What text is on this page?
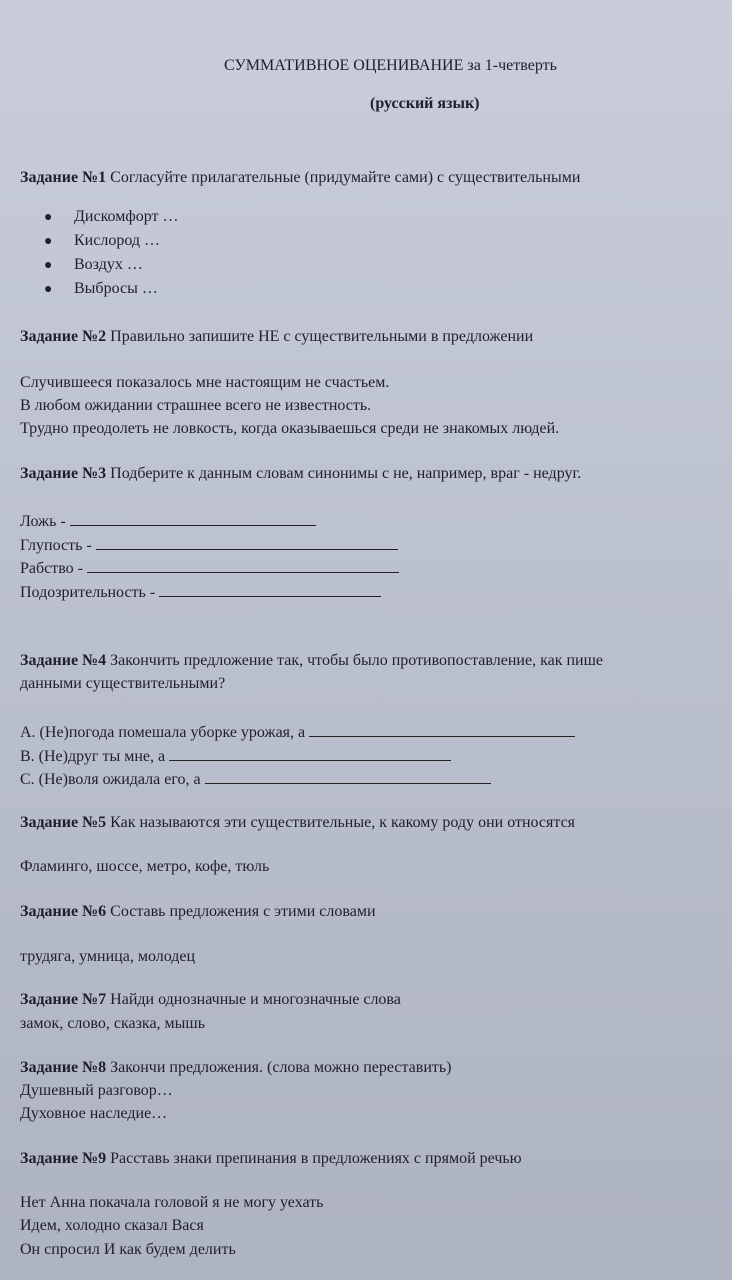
СУММАТИВНОЕ ОЦЕНИВАНИЕ за 1-четверть
(русский язык)
Задание №1 Согласуйте прилагательные (придумайте сами) с существительными
● Дискомфорт …
● Кислород …
● Воздух …
● Выбросы …
Задание №2 Правильно запишите НЕ с существительными в предложении
Случившееся показалось мне настоящим не счастьем.
В любом ожидании страшнее всего не известность.
Трудно преодолеть не ловкость, когда оказываешься среди не знакомых людей.
Задание №3 Подберите к данным словам синонимы с не, например, враг - недруг.
Ложь -
Глупость -
Рабство -
Подозрительность -
Задание №4 Закончить предложение так, чтобы было противопоставление, как пише
данными существительными?
A. (Не)погода помешала уборке урожая, а
B. (Не)друг ты мне, а
C. (Не)воля ожидала его, а
Задание №5 Как называются эти существительные, к какому роду они относятся
Фламинго, шоссе, метро, кофе, тюль
Задание №6 Составь предложения с этими словами
трудяга, умница, молодец
Задание №7 Найди однозначные и многозначные слова
замок, слово, сказка, мышь
Задание №8 Закончи предложения. (слова можно переставить)
Душевный разговор…
Духовное наследие…
Задание №9 Расставь знаки препинания в предложениях с прямой речью
Нет Анна покачала головой я не могу уехать
Идем, холодно сказал Вася
Он спросил И как будем делить
